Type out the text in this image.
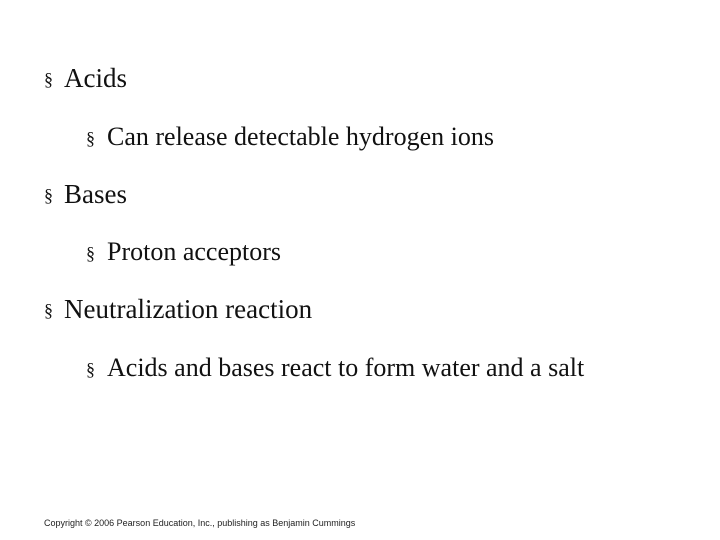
§ Acids
§ Can release detectable hydrogen ions
§ Bases
§ Proton acceptors
§ Neutralization reaction
§ Acids and bases react to form water and a salt
Copyright © 2006 Pearson Education, Inc., publishing as Benjamin Cummings
